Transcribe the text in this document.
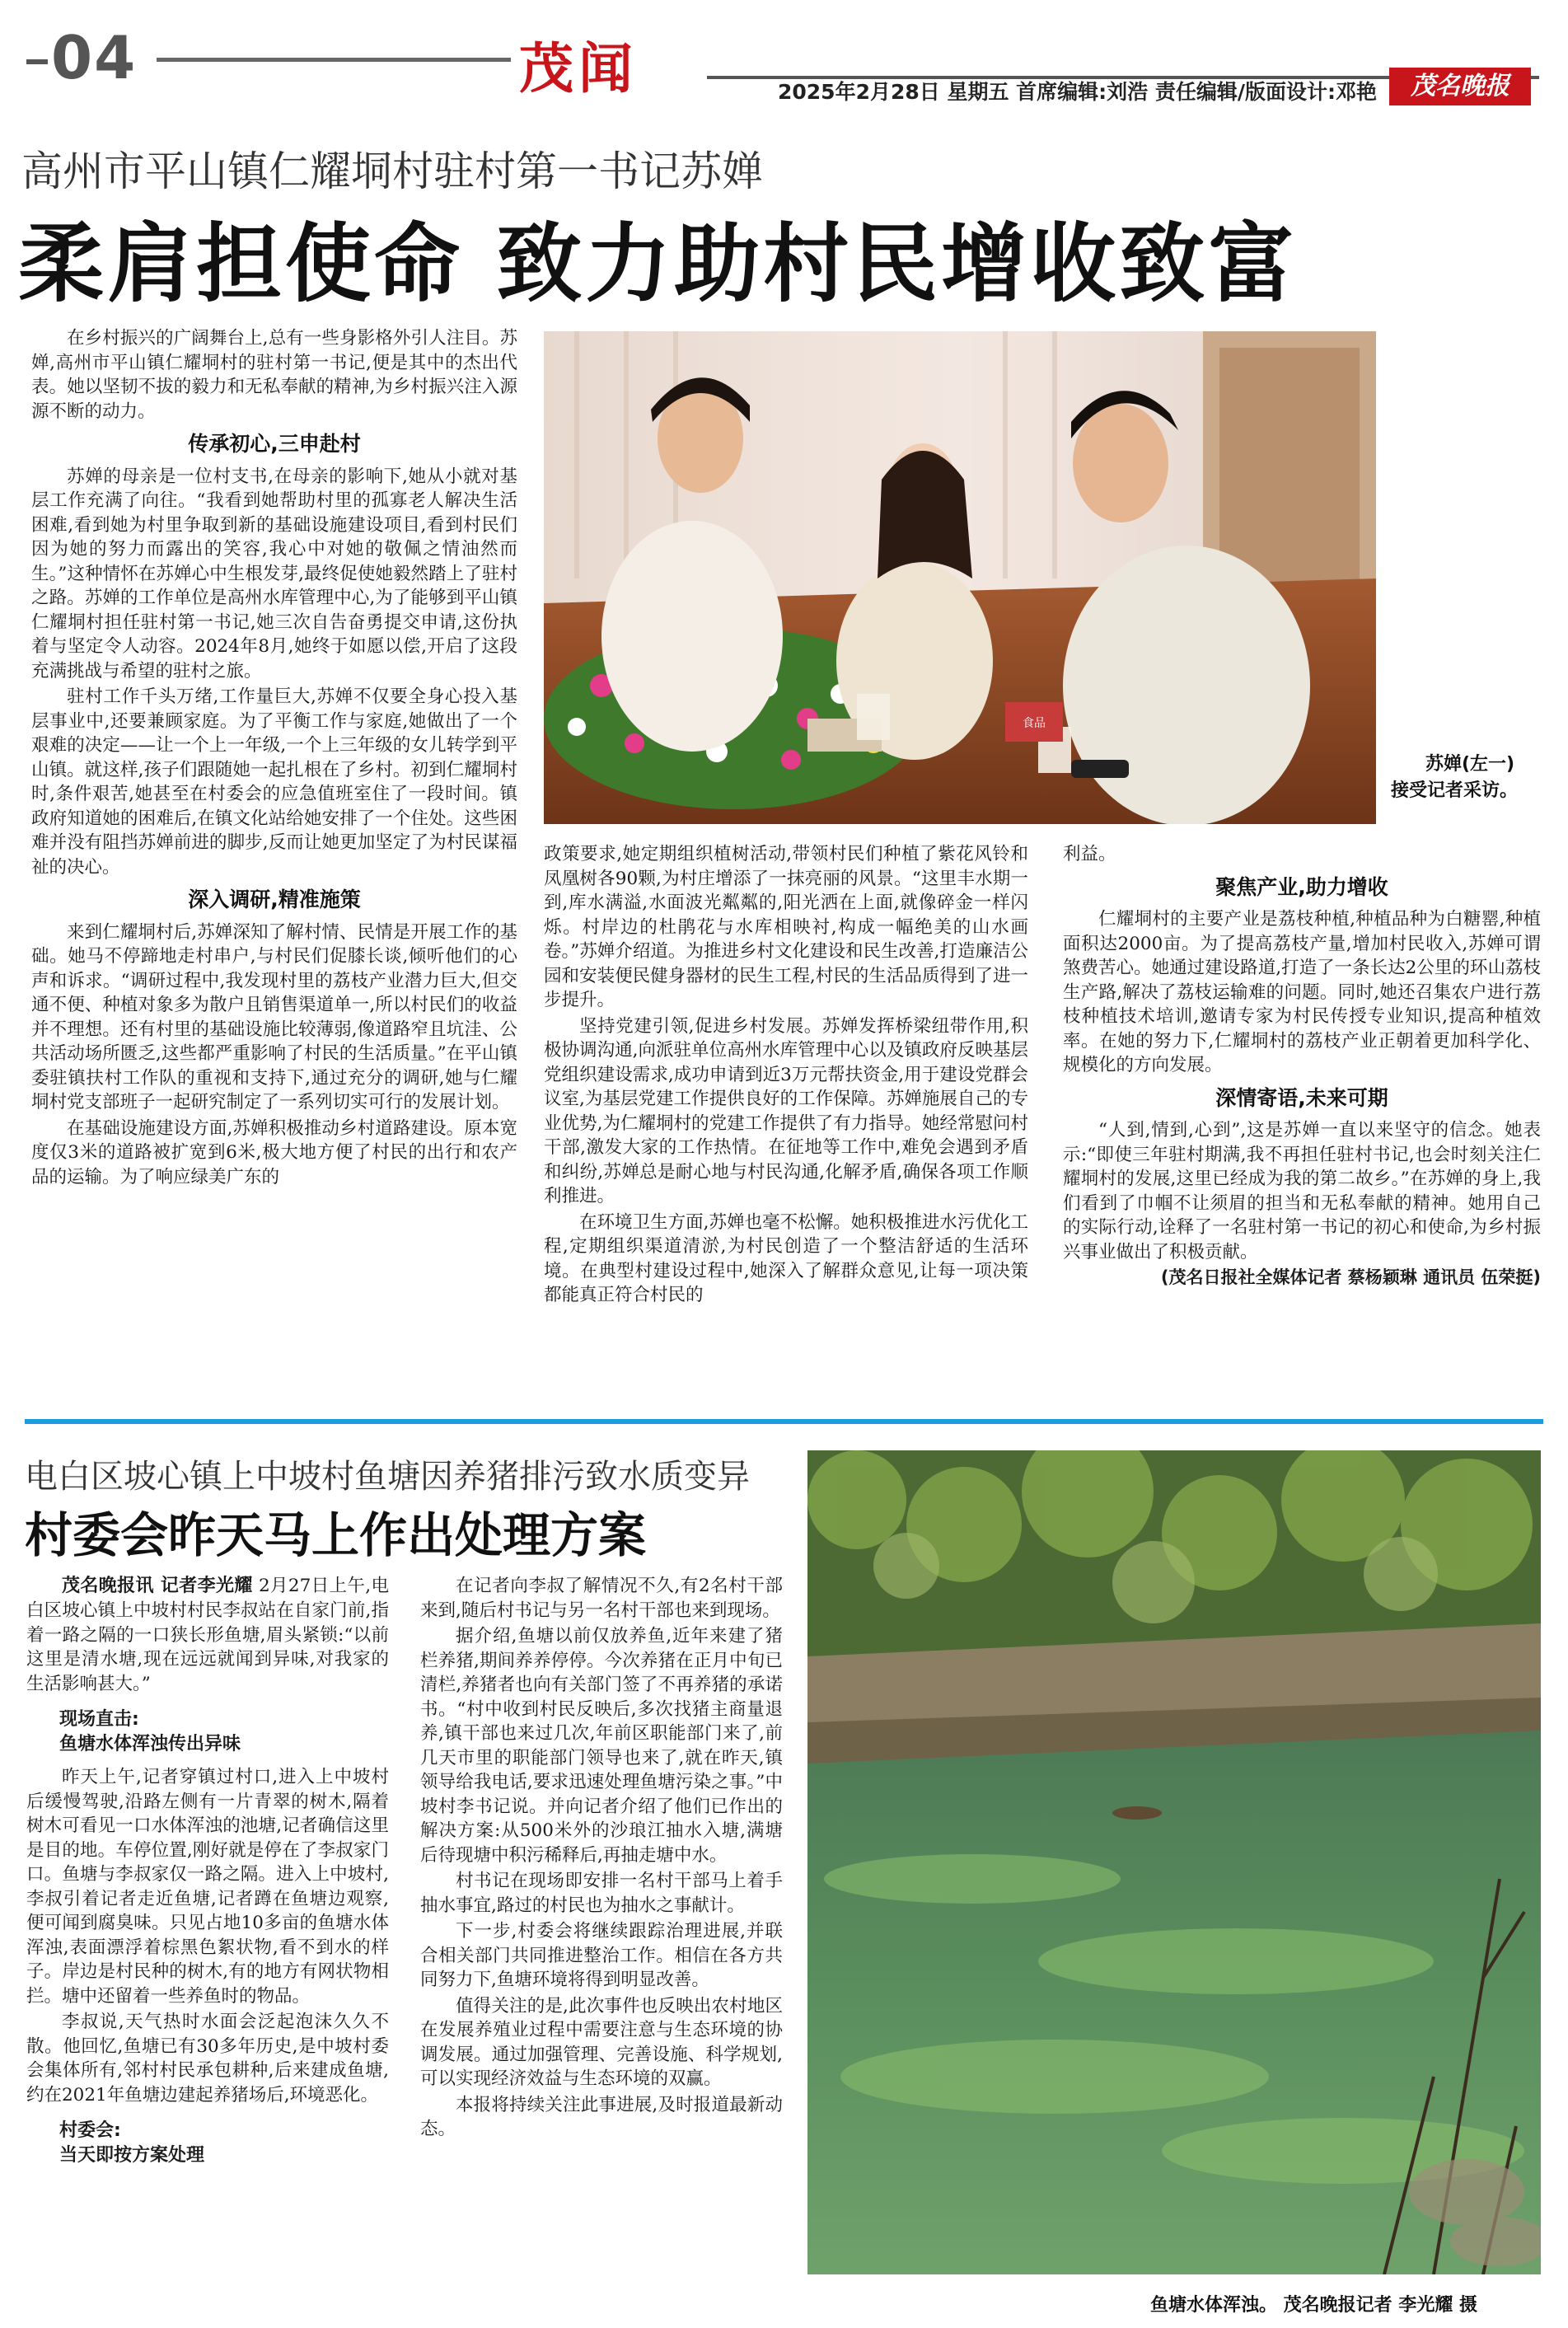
04	茂闻	2025年2月28日 星期五 首席编辑:刘浩 责任编辑/版面设计:邓艳	茂名晚报
高州市平山镇仁耀垌村驻村第一书记苏婵
柔肩担使命 致力助村民增收致富

在乡村振兴的广阔舞台上,总有一些身影格外引人注目。苏婵,高州市平山镇仁耀垌村的驻村第一书记,便是其中的杰出代表。她以坚韧不拔的毅力和无私奉献的精神,为乡村振兴注入源源不断的动力。

传承初心,三申赴村

苏婵的母亲是一位村支书,在母亲的影响下,她从小就对基层工作充满了向往。“我看到她帮助村里的孤寡老人解决生活困难,看到她为村里争取到新的基础设施建设项目,看到村民们因为她的努力而露出的笑容,我心中对她的敬佩之情油然而生。”这种情怀在苏婵心中生根发芽,最终促使她毅然踏上了驻村之路。苏婵的工作单位是高州水库管理中心,为了能够到平山镇仁耀垌村担任驻村第一书记,她三次自告奋勇提交申请,这份执着与坚定令人动容。2024年8月,她终于如愿以偿,开启了这段充满挑战与希望的驻村之旅。

驻村工作千头万绪,工作量巨大,苏婵不仅要全身心投入基层事业中,还要兼顾家庭。为了平衡工作与家庭,她做出了一个艰难的决定——让一个上一年级,一个上三年级的女儿转学到平山镇。就这样,孩子们跟随她一起扎根在了乡村。初到仁耀垌村时,条件艰苦,她甚至在村委会的应急值班室住了一段时间。镇政府知道她的困难后,在镇文化站给她安排了一个住处。这些困难并没有阻挡苏婵前进的脚步,反而让她更加坚定了为村民谋福祉的决心。

深入调研,精准施策

来到仁耀垌村后,苏婵深知了解村情、民情是开展工作的基础。她马不停蹄地走村串户,与村民们促膝长谈,倾听他们的心声和诉求。“调研过程中,我发现村里的荔枝产业潜力巨大,但交通不便、种植对象多为散户且销售渠道单一,所以村民们的收益并不理想。还有村里的基础设施比较薄弱,像道路窄且坑洼、公共活动场所匮乏,这些都严重影响了村民的生活质量。”在平山镇委驻镇扶村工作队的重视和支持下,通过充分的调研,她与仁耀垌村党支部班子一起研究制定了一系列切实可行的发展计划。

在基础设施建设方面,苏婵积极推动乡村道路建设。原本宽度仅3米的道路被扩宽到6米,极大地方便了村民的出行和农产品的运输。为了响应绿美广东的

食品
苏婵(左一)
接受记者采访。

政策要求,她定期组织植树活动,带领村民们种植了紫花风铃和凤凰树各90颗,为村庄增添了一抹亮丽的风景。“这里丰水期一到,库水满溢,水面波光粼粼的,阳光洒在上面,就像碎金一样闪烁。村岸边的杜鹃花与水库相映衬,构成一幅绝美的山水画卷。”苏婵介绍道。为推进乡村文化建设和民生改善,打造廉洁公园和安装便民健身器材的民生工程,村民的生活品质得到了进一步提升。

坚持党建引领,促进乡村发展。苏婵发挥桥梁纽带作用,积极协调沟通,向派驻单位高州水库管理中心以及镇政府反映基层党组织建设需求,成功申请到近3万元帮扶资金,用于建设党群会议室,为基层党建工作提供良好的工作保障。苏婵施展自己的专业优势,为仁耀垌村的党建工作提供了有力指导。她经常慰问村干部,激发大家的工作热情。在征地等工作中,难免会遇到矛盾和纠纷,苏婵总是耐心地与村民沟通,化解矛盾,确保各项工作顺利推进。

在环境卫生方面,苏婵也毫不松懈。她积极推进水污优化工程,定期组织渠道清淤,为村民创造了一个整洁舒适的生活环境。在典型村建设过程中,她深入了解群众意见,让每一项决策都能真正符合村民的

利益。

聚焦产业,助力增收

仁耀垌村的主要产业是荔枝种植,种植品种为白糖罂,种植面积达2000亩。为了提高荔枝产量,增加村民收入,苏婵可谓煞费苦心。她通过建设路道,打造了一条长达2公里的环山荔枝生产路,解决了荔枝运输难的问题。同时,她还召集农户进行荔枝种植技术培训,邀请专家为村民传授专业知识,提高种植效率。在她的努力下,仁耀垌村的荔枝产业正朝着更加科学化、规模化的方向发展。

深情寄语,未来可期

“人到,情到,心到”,这是苏婵一直以来坚守的信念。她表示:“即使三年驻村期满,我不再担任驻村书记,也会时刻关注仁耀垌村的发展,这里已经成为我的第二故乡。”在苏婵的身上,我们看到了巾帼不让须眉的担当和无私奉献的精神。她用自己的实际行动,诠释了一名驻村第一书记的初心和使命,为乡村振兴事业做出了积极贡献。

(茂名日报社全媒体记者 蔡杨颖琳 通讯员 伍荣挺)

电白区坡心镇上中坡村鱼塘因养猪排污致水质变异
村委会昨天马上作出处理方案

茂名晚报讯 记者李光耀 2月27日上午,电白区坡心镇上中坡村村民李叔站在自家门前,指着一路之隔的一口狭长形鱼塘,眉头紧锁:“以前这里是清水塘,现在远远就闻到异味,对我家的生活影响甚大。”

现场直击:
鱼塘水体浑浊传出异味

昨天上午,记者穿镇过村口,进入上中坡村后缓慢驾驶,沿路左侧有一片青翠的树木,隔着树木可看见一口水体浑浊的池塘,记者确信这里是目的地。车停位置,刚好就是停在了李叔家门口。鱼塘与李叔家仅一路之隔。进入上中坡村,李叔引着记者走近鱼塘,记者蹲在鱼塘边观察,便可闻到腐臭味。只见占地10多亩的鱼塘水体浑浊,表面漂浮着棕黑色絮状物,看不到水的样子。岸边是村民种的树木,有的地方有网状物相拦。塘中还留着一些养鱼时的物品。

李叔说,天气热时水面会泛起泡沫久久不散。他回忆,鱼塘已有30多年历史,是中坡村委会集体所有,邻村村民承包耕种,后来建成鱼塘,约在2021年鱼塘边建起养猪场后,环境恶化。

村委会:
当天即按方案处理

在记者向李叔了解情况不久,有2名村干部来到,随后村书记与另一名村干部也来到现场。

据介绍,鱼塘以前仅放养鱼,近年来建了猪栏养猪,期间养养停停。今次养猪在正月中旬已清栏,养猪者也向有关部门签了不再养猪的承诺书。“村中收到村民反映后,多次找猪主商量退养,镇干部也来过几次,年前区职能部门来了,前几天市里的职能部门领导也来了,就在昨天,镇领导给我电话,要求迅速处理鱼塘污染之事。”中坡村李书记说。并向记者介绍了他们已作出的解决方案:从500米外的沙琅江抽水入塘,满塘后待现塘中积污稀释后,再抽走塘中水。

村书记在现场即安排一名村干部马上着手抽水事宜,路过的村民也为抽水之事献计。

下一步,村委会将继续跟踪治理进展,并联合相关部门共同推进整治工作。相信在各方共同努力下,鱼塘环境将得到明显改善。

值得关注的是,此次事件也反映出农村地区在发展养殖业过程中需要注意与生态环境的协调发展。通过加强管理、完善设施、科学规划,可以实现经济效益与生态环境的双赢。

本报将持续关注此事进展,及时报道最新动态。

鱼塘水体浑浊。 茂名晚报记者 李光耀 摄
